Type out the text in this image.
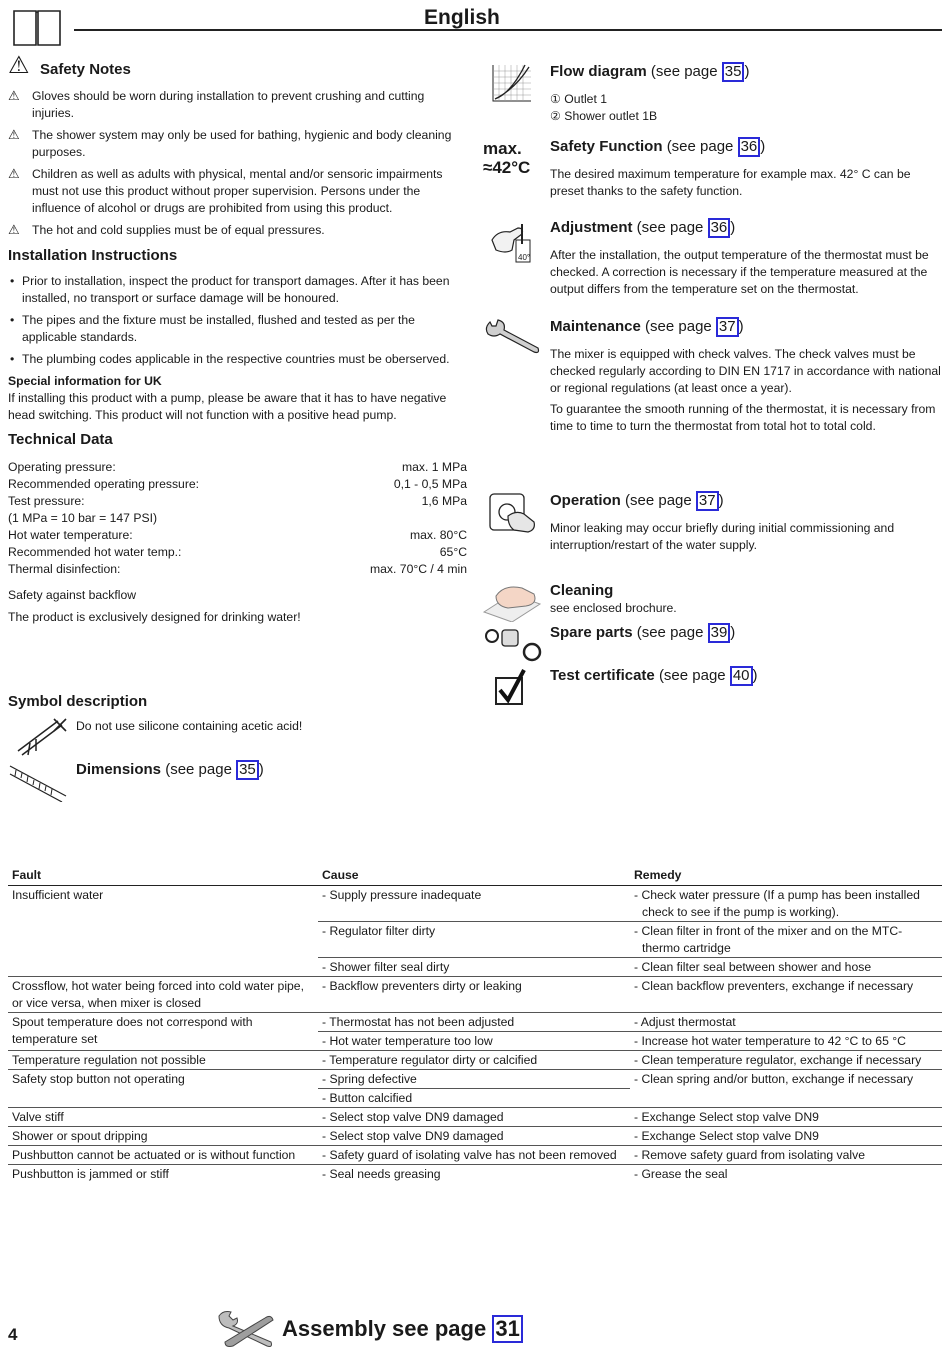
English
⚠ Safety Notes
⚠ Gloves should be worn during installation to prevent crushing and cutting injuries.
⚠ The shower system may only be used for bathing, hygienic and body cleaning purposes.
⚠ Children as well as adults with physical, mental and/or sensoric impairments must not use this product without proper supervision. Persons under the influence of alcohol or drugs are prohibited from using this product.
⚠ The hot and cold supplies must be of equal pressures.
Installation Instructions
• Prior to installation, inspect the product for transport damages. After it has been installed, no transport or surface damage will be honoured.
• The pipes and the fixture must be installed, flushed and tested as per the applicable standards.
• The plumbing codes applicable in the respective countries must be oberserved.
Special information for UK
If installing this product with a pump, please be aware that it has to have negative head switching. This product will not function with a positive head pump.
Technical Data
Operating pressure:	max. 1 MPa
Recommended operating pressure:	0,1 - 0,5 MPa
Test pressure:	1,6 MPa
(1 MPa = 10 bar = 147 PSI)
Hot water temperature:	max. 80°C
Recommended hot water temp.:	65°C
Thermal disinfection:	max. 70°C / 4 min
Safety against backflow
The product is exclusively designed for drinking water!
Symbol description
Do not use silicone containing acetic acid!
Dimensions (see page 35 )
Flow diagram (see page 35 )
① Outlet 1
② Shower outlet 1B
max.
≈42°C
Safety Function (see page 36 )
The desired maximum temperature for example max. 42° C can be preset thanks to the safety function.
40°
Adjustment (see page 36 )
After the installation, the output temperature of the thermostat must be checked. A correction is necessary if the temperature measured at the output differs from the temperature set on the thermostat.
Maintenance (see page 37 )
The mixer is equipped with check valves. The check valves must be checked regularly according to DIN EN 1717 in accordance with national or regional regulations (at least once a year).
To guarantee the smooth running of the thermostat, it is necessary from time to time to turn the thermostat from total hot to total cold.
Operation (see page 37 )
Minor leaking may occur briefly during initial commissioning and interruption/restart of the water supply.
Cleaning
see enclosed brochure.
Spare parts (see page 39 )
Test certificate (see page 40 )
Fault	Cause	Remedy
Insufficient water	- Supply pressure inadequate	- Check water pressure (If a pump has been installed check to see if the pump is working).
	- Regulator filter dirty	- Clean filter in front of the mixer and on the MTC-thermo cartridge
	- Shower filter seal dirty	- Clean filter seal between shower and hose
Crossflow, hot water being forced into cold water pipe, or vice versa, when mixer is closed	- Backflow preventers dirty or leaking	- Clean backflow preventers, exchange if necessary
Spout temperature does not correspond with temperature set	- Thermostat has not been adjusted	- Adjust thermostat
	- Hot water temperature too low	- Increase hot water temperature to 42 °C to 65 °C
Temperature regulation not possible	- Temperature regulator dirty or calcified	- Clean temperature regulator, exchange if necessary
Safety stop button not operating	- Spring defective	- Clean spring and/or button, exchange if necessary
	- Button calcified	
Valve stiff	- Select stop valve DN9 damaged	- Exchange Select stop valve DN9
Shower or spout dripping	- Select stop valve DN9 damaged	- Exchange Select stop valve DN9
Pushbutton cannot be actuated or is without function	- Safety guard of isolating valve has not been removed	- Remove safety guard from isolating valve
Pushbutton is jammed or stiff	- Seal needs greasing	- Grease the seal
4	Assembly see page 31
